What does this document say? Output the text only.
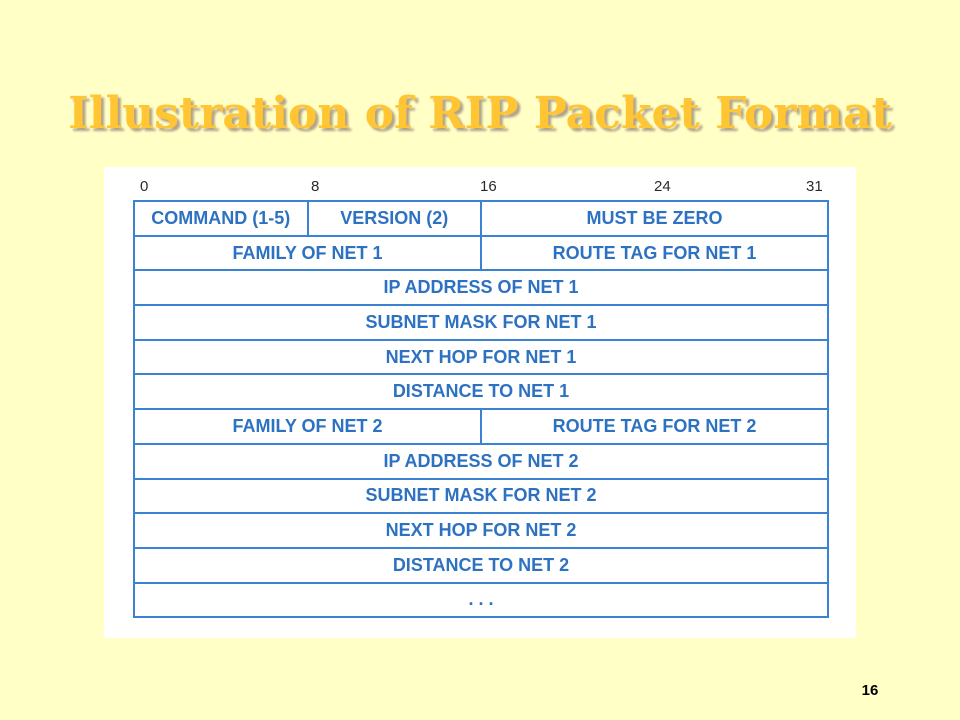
Illustration of RIP Packet Format
0	8	16	24	31
COMMAND (1-5)	VERSION (2)	MUST BE ZERO
FAMILY OF NET 1	ROUTE TAG FOR NET 1
IP ADDRESS OF NET 1
SUBNET MASK FOR NET 1
NEXT HOP FOR NET 1
DISTANCE TO NET 1
FAMILY OF NET 2	ROUTE TAG FOR NET 2
IP ADDRESS OF NET 2
SUBNET MASK FOR NET 2
NEXT HOP FOR NET 2
DISTANCE TO NET 2
. . .
16
